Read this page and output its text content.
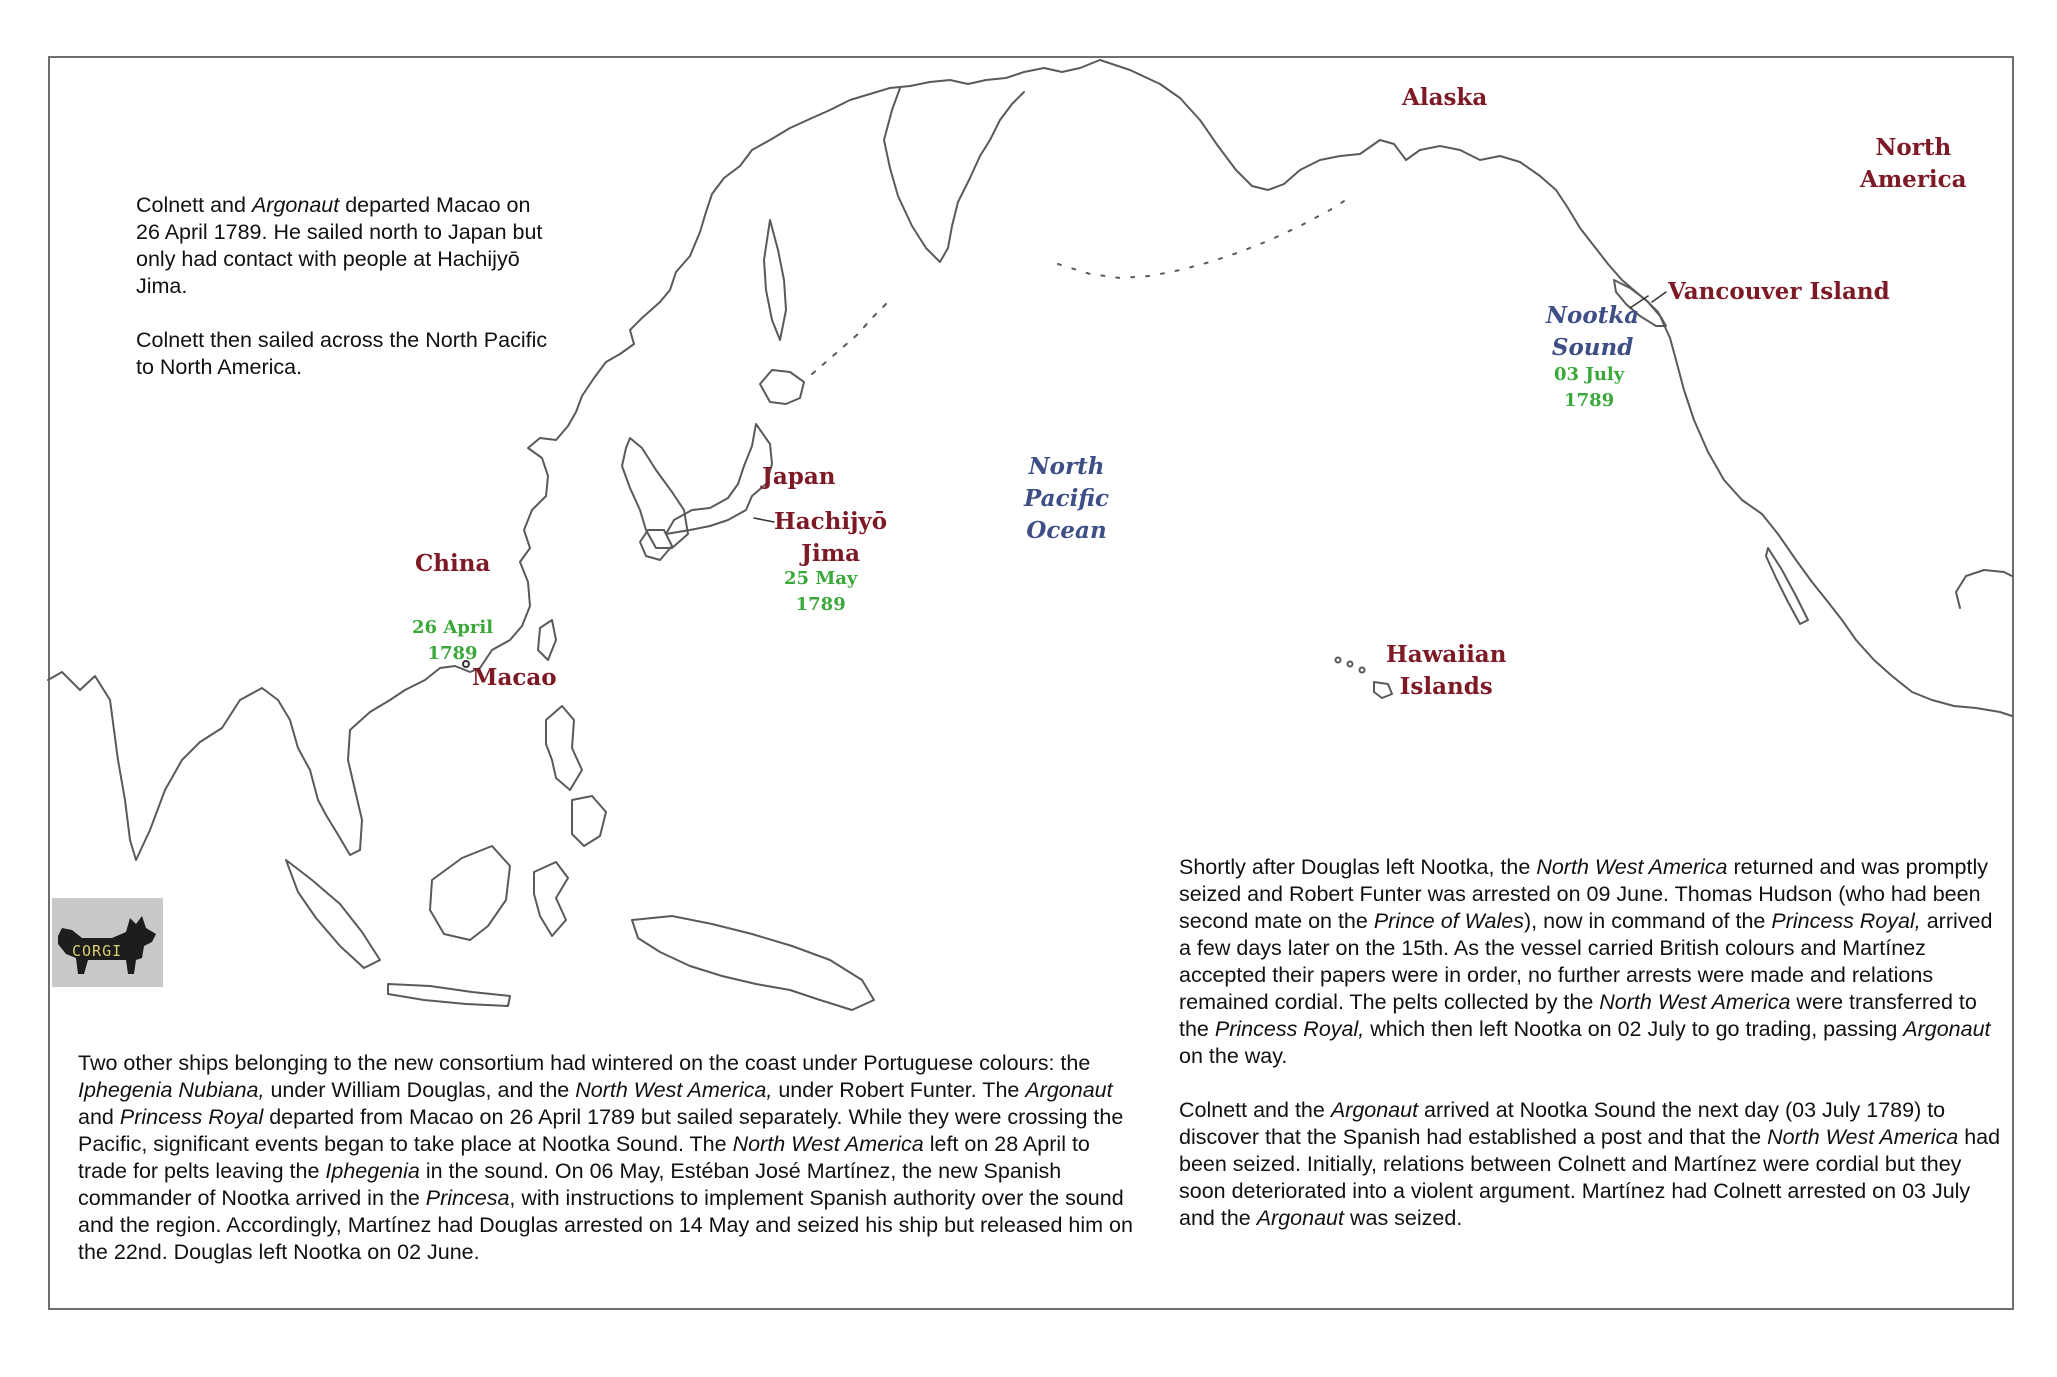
Alaska
North
America
Vancouver Island
Nootka
Sound
03 July
1789
North
Pacific
Ocean
Japan
Hachijyō
Jima
25 May
1789
China
26 April
1789
Macao
Hawaiian
Islands

Colnett and Argonaut departed Macao on 26 April 1789. He sailed north to Japan but only had contact with people at Hachijyō Jima.

Colnett then sailed across the North Pacific to North America.

Two other ships belonging to the new consortium had wintered on the coast under Portuguese colours: the Iphegenia Nubiana, under William Douglas, and the North West America, under Robert Funter. The Argonaut and Princess Royal departed from Macao on 26 April 1789 but sailed separately. While they were crossing the Pacific, significant events began to take place at Nootka Sound. The North West America left on 28 April to trade for pelts leaving the Iphegenia in the sound. On 06 May, Estéban José Martínez, the new Spanish commander of Nootka arrived in the Princesa, with instructions to implement Spanish authority over the sound and the region. Accordingly, Martínez had Douglas arrested on 14 May and seized his ship but released him on the 22nd. Douglas left Nootka on 02 June.

Shortly after Douglas left Nootka, the North West America returned and was promptly seized and Robert Funter was arrested on 09 June. Thomas Hudson (who had been second mate on the Prince of Wales), now in command of the Princess Royal, arrived a few days later on the 15th. As the vessel carried British colours and Martínez accepted their papers were in order, no further arrests were made and relations remained cordial. The pelts collected by the North West America were transferred to the Princess Royal, which then left Nootka on 02 July to go trading, passing Argonaut on the way.

Colnett and the Argonaut arrived at Nootka Sound the next day (03 July 1789) to discover that the Spanish had established a post and that the North West America had been seized. Initially, relations between Colnett and Martínez were cordial but they soon deteriorated into a violent argument. Martínez had Colnett arrested on 03 July and the Argonaut was seized.

CORGI
